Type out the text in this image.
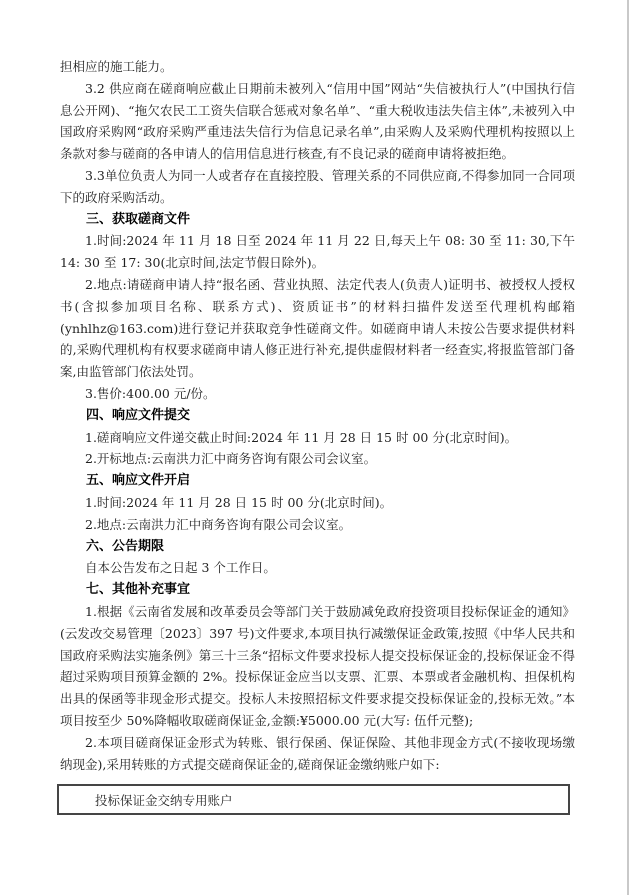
担相应的施工能力。

3.2 供应商在磋商响应截止日期前未被列入“信用中国”网站“失信被执行人”(中国执行信息公开网)、“拖欠农民工工资失信联合惩戒对象名单”、“重大税收违法失信主体”,未被列入中国政府采购网“政府采购严重违法失信行为信息记录名单”,由采购人及采购代理机构按照以上条款对参与磋商的各申请人的信用信息进行核查,有不良记录的磋商申请将被拒绝。

3.3单位负责人为同一人或者存在直接控股、管理关系的不同供应商,不得参加同一合同项下的政府采购活动。

三、获取磋商文件

1.时间:2024 年 11 月 18 日至 2024 年 11 月 22 日,每天上午 08: 30 至 11: 30,下午 14: 30 至 17: 30(北京时间,法定节假日除外)。

2.地点:请磋商申请人持“报名函、营业执照、法定代表人(负责人)证明书、被授权人授权书(含拟参加项目名称、联系方式)、资质证书”的材料扫描件发送至代理机构邮箱(ynhlhz@163.com)进行登记并获取竞争性磋商文件。如磋商申请人未按公告要求提供材料的,采购代理机构有权要求磋商申请人修正进行补充,提供虚假材料者一经查实,将报监管部门备案,由监管部门依法处罚。

3.售价:400.00 元/份。

四、响应文件提交

1.磋商响应文件递交截止时间:2024 年 11 月 28 日 15 时 00 分(北京时间)。

2.开标地点:云南洪力汇中商务咨询有限公司会议室。

五、响应文件开启

1.时间:2024 年 11 月 28 日 15 时 00 分(北京时间)。

2.地点:云南洪力汇中商务咨询有限公司会议室。

六、公告期限

自本公告发布之日起 3 个工作日。

七、其他补充事宜

1.根据《云南省发展和改革委员会等部门关于鼓励减免政府投资项目投标保证金的通知》(云发改交易管理〔2023〕397 号)文件要求,本项目执行减缴保证金政策,按照《中华人民共和国政府采购法实施条例》第三十三条“招标文件要求投标人提交投标保证金的,投标保证金不得超过采购项目预算金额的 2%。投标保证金应当以支票、汇票、本票或者金融机构、担保机构出具的保函等非现金形式提交。投标人未按照招标文件要求提交投标保证金的,投标无效。”本项目按至少 50%降幅收取磋商保证金,金额:¥5000.00 元(大写: 伍仟元整);

2.本项目磋商保证金形式为转账、银行保函、保证保险、其他非现金方式(不接收现场缴纳现金),采用转账的方式提交磋商保证金的,磋商保证金缴纳账户如下:

投标保证金交纳专用账户
